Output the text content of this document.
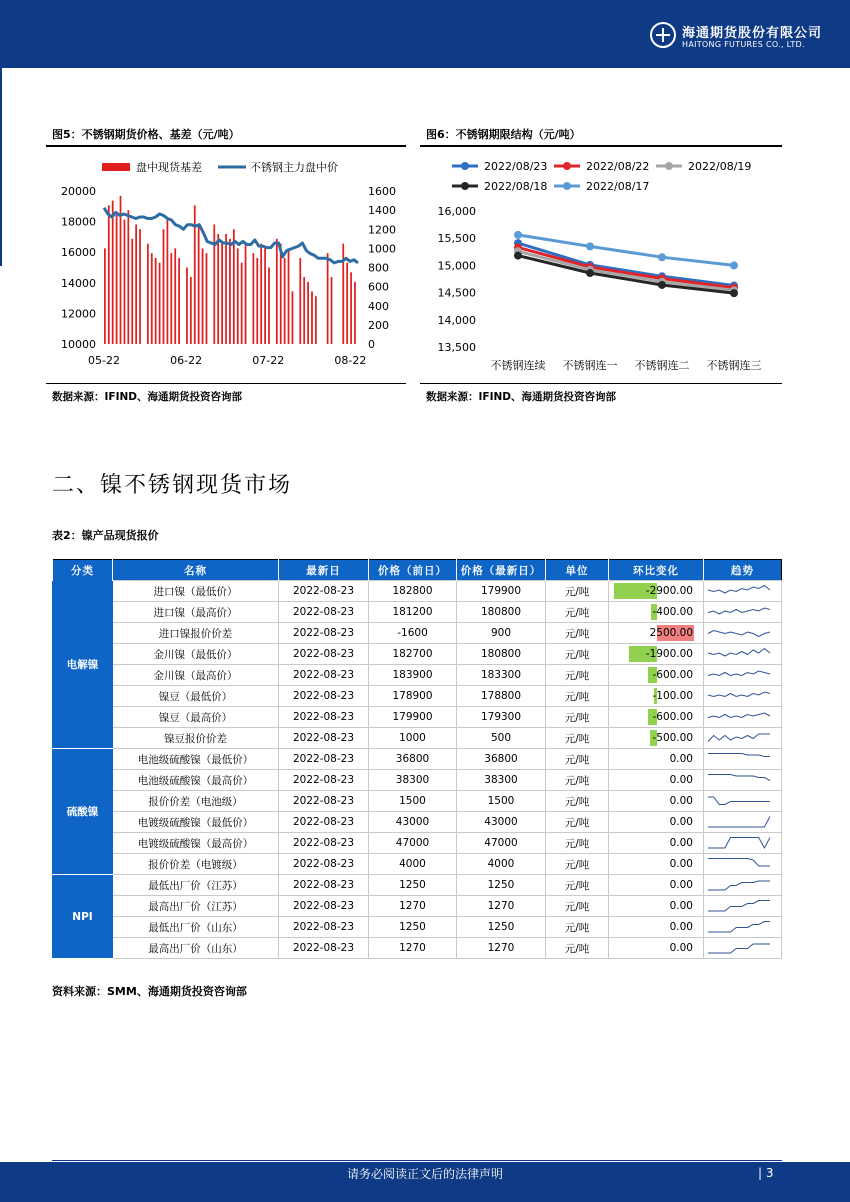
海通期货股份有限公司
HAITONG FUTURES CO., LTD.
图5：不锈钢期货价格、基差（元/吨）
盘中现货基差	不锈钢主力盘中价
10000
12000
14000
16000
18000
20000
0
200
400
600
800
1000
1200
1400
1600
05-22	06-22	07-22	08-22
数据来源：IFIND、海通期货投资咨询部
图6：不锈钢期限结构（元/吨）
2022/08/23	2022/08/22	2022/08/19
2022/08/18	2022/08/17
13,500
14,000
14,500
15,000
15,500
16,000
不锈钢连续 不锈钢连一 不锈钢连二 不锈钢连三
数据来源：IFIND、海通期货投资咨询部
二、镍不锈钢现货市场
表2：镍产品现货报价
分类	名称	最新日	价格（前日）	价格（最新日）	单位	环比变化	趋势
电解镍	进口镍（最低价）	2022-08-23	182800	179900	元/吨	-2900.00	

	进口镍（最高价）	2022-08-23	181200	180800	元/吨	-400.00	

	进口镍报价价差	2022-08-23	-1600	900	元/吨	2500.00	

	金川镍（最低价）	2022-08-23	182700	180800	元/吨	-1900.00	

	金川镍（最高价）	2022-08-23	183900	183300	元/吨	-600.00	

	镍豆（最低价）	2022-08-23	178900	178800	元/吨	-100.00	

	镍豆（最高价）	2022-08-23	179900	179300	元/吨	-600.00	

	镍豆报价价差	2022-08-23	1000	500	元/吨	-500.00	

硫酸镍	电池级硫酸镍（最低价）	2022-08-23	36800	36800	元/吨	0.00	

	电池级硫酸镍（最高价）	2022-08-23	38300	38300	元/吨	0.00	

	报价价差（电池级）	2022-08-23	1500	1500	元/吨	0.00	

	电镀级硫酸镍（最低价）	2022-08-23	43000	43000	元/吨	0.00	

	电镀级硫酸镍（最高价）	2022-08-23	47000	47000	元/吨	0.00	

	报价价差（电镀级）	2022-08-23	4000	4000	元/吨	0.00	

NPI	最低出厂价（江苏）	2022-08-23	1250	1250	元/吨	0.00	

	最高出厂价（江苏）	2022-08-23	1270	1270	元/吨	0.00	

	最低出厂价（山东）	2022-08-23	1250	1250	元/吨	0.00	

	最高出厂价（山东）	2022-08-23	1270	1270	元/吨	0.00	
资料来源：SMM、海通期货投资咨询部
请务必阅读正文后的法律声明	| 3
